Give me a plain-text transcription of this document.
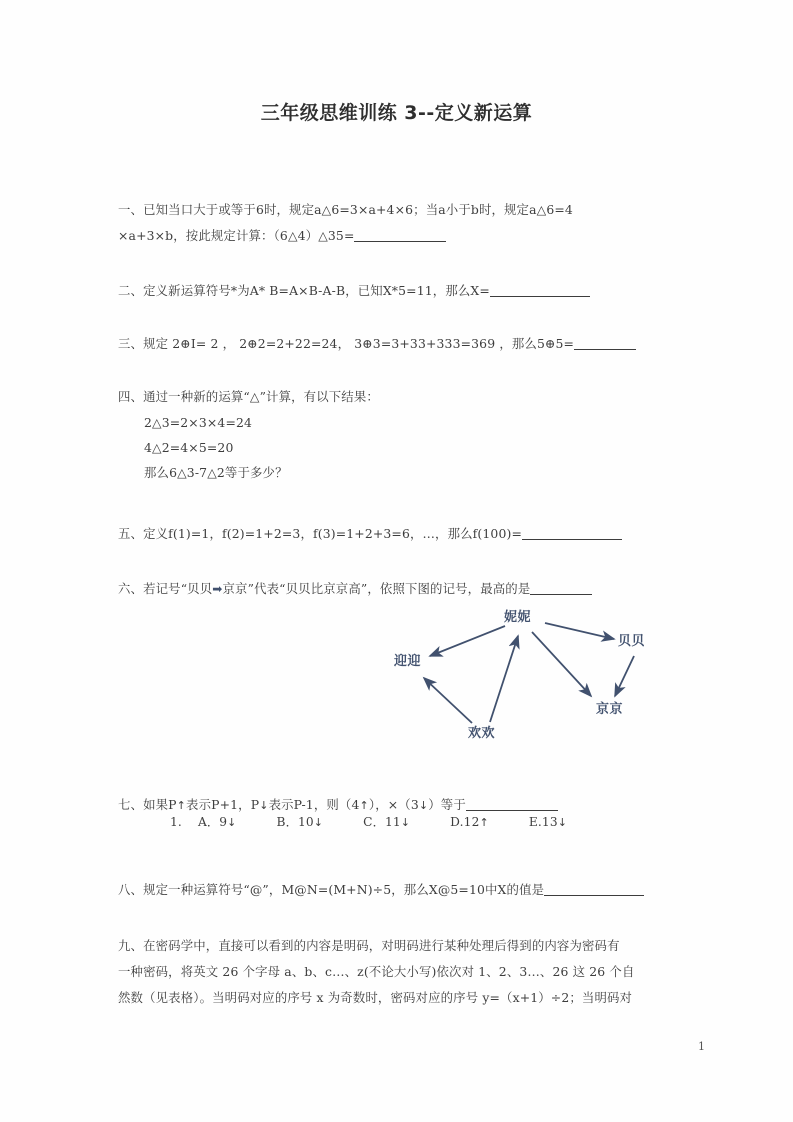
三年级思维训练 3--定义新运算
一、已知当口大于或等于6时，规定a△6=3×a+4×6；当a小于b时，规定a△6=4
×a+3×b，按此规定计算：（6△4）△35=
二、定义新运算符号*为A* B=A×B-A-B，已知X*5=11，那么X=
三、规定 2⊕I= 2 ， 2⊕2=2+22=24， 3⊕3=3+33+333=369 ，那么5⊕5=
四、通过一种新的运算“△”计算，有以下结果：
2△3=2×3×4=24
4△2=4×5=20
那么6△3-7△2等于多少？
五、定义f(1)=1，f(2)=1+2=3，f(3)=1+2+3=6，…，那么f(100)=
六、若记号“贝贝➡京京”代表“贝贝比京京高”，依照下图的记号，最高的是
妮妮
迎迎
贝贝
欢欢
京京
七、如果P↑表示P+1，P↓表示P-1，则（4↑），×（3↓）等于
1. A．9↓	B．10↓	C．11↓	D.12↑	E.13↓
八、规定一种运算符号“@”，M@N=(M+N)÷5，那么X@5=10中X的值是
九、在密码学中，直接可以看到的内容是明码，对明码进行某种处理后得到的内容为密码有
一种密码，将英文 26 个字母 a、b、c…、z(不论大小写)依次对 1、2、3…、26 这 26 个自
然数（见表格）。当明码对应的序号 x 为奇数时，密码对应的序号 y=（x+1）÷2；当明码对
1
